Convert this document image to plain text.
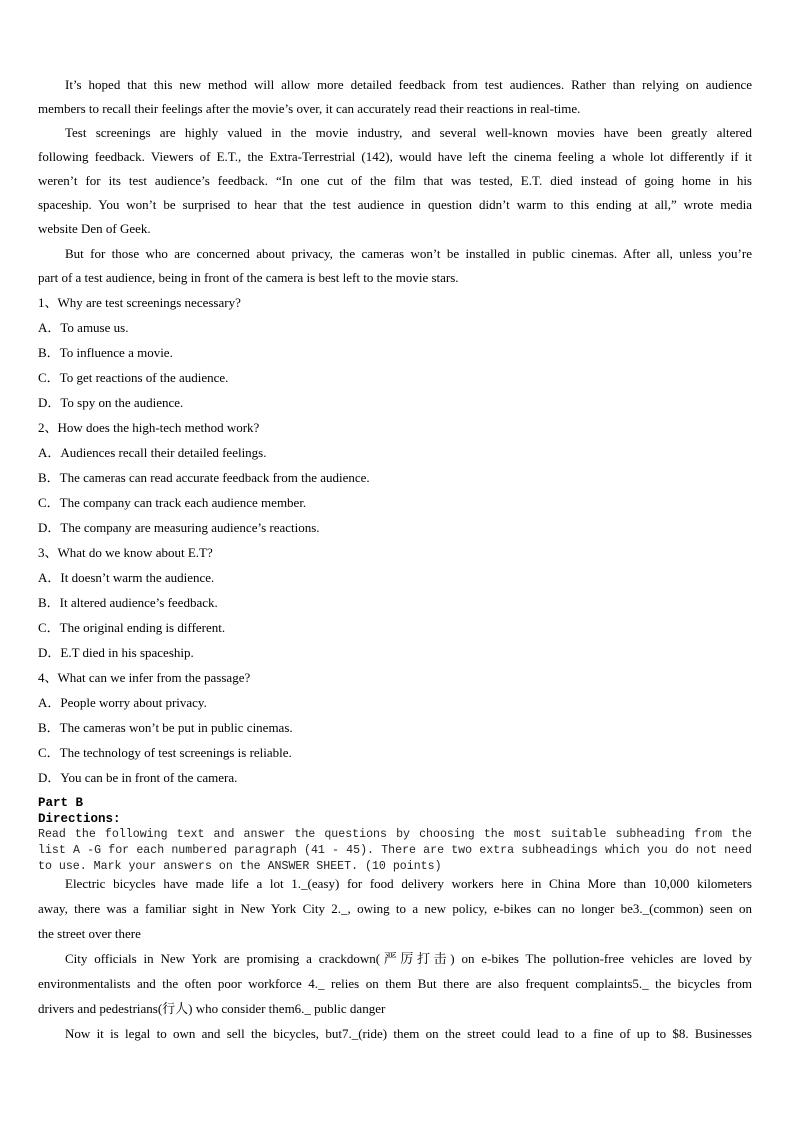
It’s hoped that this new method will allow more detailed feedback from test audiences. Rather than relying on audience
members to recall their feelings after the movie’s over, it can accurately read their reactions in real-time.
Test screenings are highly valued in the movie industry, and several well-known movies have been greatly altered
following feedback. Viewers of E.T., the Extra-Terrestrial (142), would have left the cinema feeling a whole lot differently if it
weren’t for its test audience’s feedback. “In one cut of the film that was tested, E.T. died instead of going home in his
spaceship. You won’t be surprised to hear that the test audience in question didn’t warm to this ending at all,” wrote media
website Den of Geek.
But for those who are concerned about privacy, the cameras won’t be installed in public cinemas. After all, unless you’re
part of a test audience, being in front of the camera is best left to the movie stars.
1、Why are test screenings necessary?
A．To amuse us.
B．To influence a movie.
C．To get reactions of the audience.
D．To spy on the audience.
2、How does the high-tech method work?
A．Audiences recall their detailed feelings.
B．The cameras can read accurate feedback from the audience.
C．The company can track each audience member.
D．The company are measuring audience’s reactions.
3、What do we know about E.T?
A．It doesn’t warm the audience.
B．It altered audience’s feedback.
C．The original ending is different.
D．E.T died in his spaceship.
4、What can we infer from the passage?
A．People worry about privacy.
B．The cameras won’t be put in public cinemas.
C．The technology of test screenings is reliable.
D．You can be in front of the camera.
Part B
Directions:
Read the following text and answer the questions by choosing the most suitable subheading from the
list A -G for each numbered paragraph (41 - 45). There are two extra subheadings which you do not need
to use. Mark your answers on the ANSWER SHEET. (10 points)
Electric bicycles have made life a lot 1._(easy) for food delivery workers here in China More than 10,000 kilometers
away, there was a familiar sight in New York City 2._, owing to a new policy, e-bikes can no longer be3._(common) seen on
the street over there
City officials in New York are promising a crackdown(严厉打击) on e-bikes The pollution-free vehicles are loved by
environmentalists and the often poor workforce 4._ relies on them But there are also frequent complaints5._ the bicycles from
drivers and pedestrians(行人) who consider them6._ public danger
Now it is legal to own and sell the bicycles, but7._(ride) them on the street could lead to a fine of up to $8. Businesses
